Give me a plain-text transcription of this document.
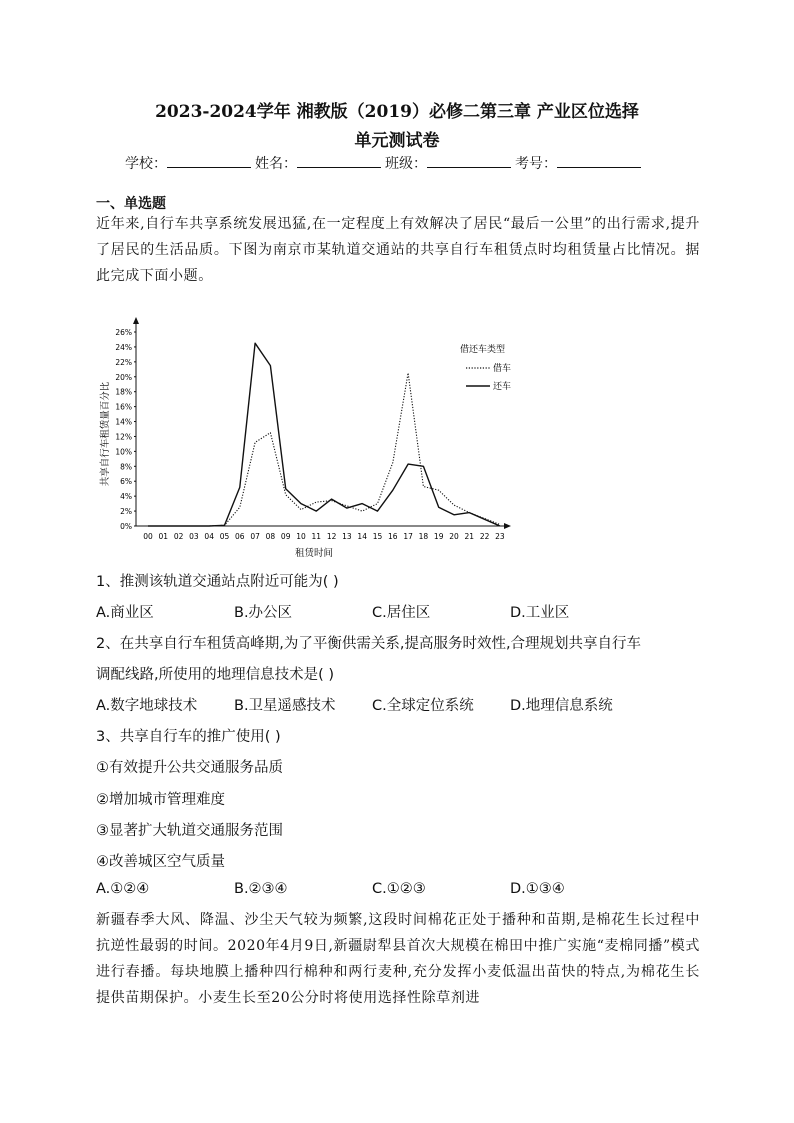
2023-2024学年 湘教版（2019）必修二第三章 产业区位选择
单元测试卷
学校：	姓名：	班级：	考号：
一、单选题
近年来,自行车共享系统发展迅猛,在一定程度上有效解决了居民“最后一公里”的出行需求,提升了居民的生活品质。下图为南京市某轨道交通站的共享自行车租赁点时均租赁量占比情况。据此完成下面小题。
0%
2%
4%
6%
8%
10%
12%
14%
16%
18%
20%
22%
24%
26%
00 01 02 03 04 05 06 07 08 09 10 11 12 13 14 15 16 17 18 19 20 21 22 23
共享自行车租赁量百分比
租赁时间
借还车类型
借车
还车
1、推测该轨道交通站点附近可能为( )
A.商业区	B.办公区	C.居住区	D.工业区
2、在共享自行车租赁高峰期,为了平衡供需关系,提高服务时效性,合理规划共享自行车
调配线路,所使用的地理信息技术是( )
A.数字地球技术	B.卫星遥感技术	C.全球定位系统	D.地理信息系统
3、共享自行车的推广使用( )
①有效提升公共交通服务品质
②增加城市管理难度
③显著扩大轨道交通服务范围
④改善城区空气质量
A.①②④	B.②③④	C.①②③	D.①③④
新疆春季大风、降温、沙尘天气较为频繁,这段时间棉花正处于播种和苗期,是棉花生长过程中抗逆性最弱的时间。2020年4月9日,新疆尉犁县首次大规模在棉田中推广实施“麦棉同播”模式进行春播。每块地膜上播种四行棉种和两行麦种,充分发挥小麦低温出苗快的特点,为棉花生长提供苗期保护。小麦生长至20公分时将使用选择性除草剂进
